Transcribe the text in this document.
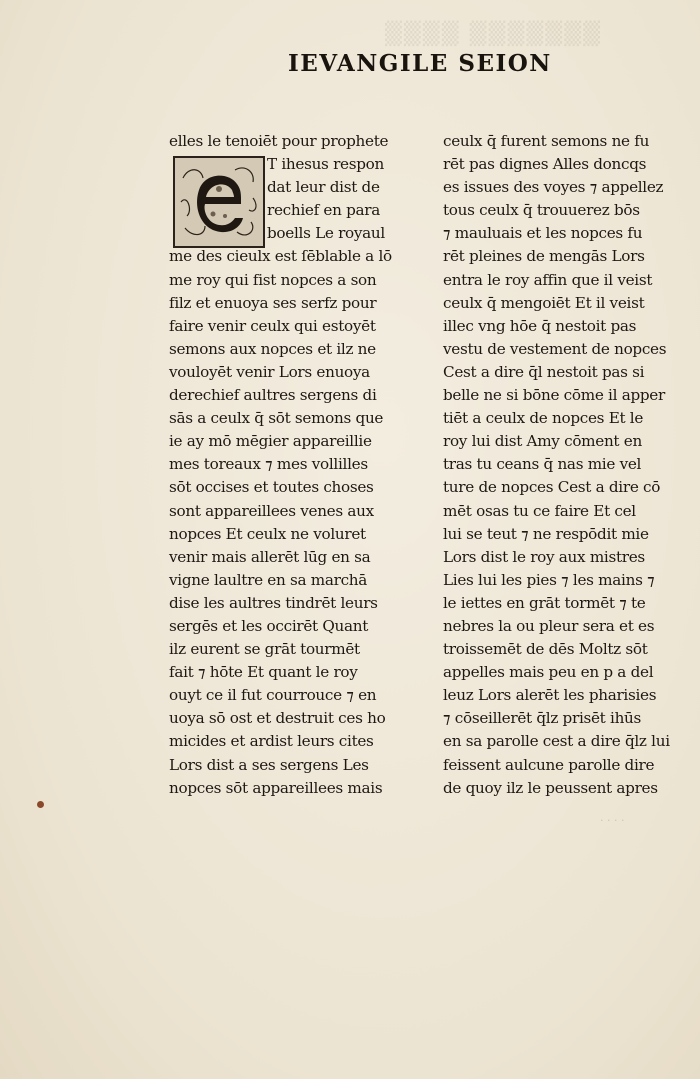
▒▒▒▒▒▒▒ ▒▒▒▒
IEVANGILE SEION
elles le tenoiēt pour prophete
T ihesus respon
dat leur dist de
rechief en para
boells Le royaul
me des cieulx est ſēblable a lō
me roy qui fist nopces a son
filz et enuoya ses serfz pour
faire venir ceulx qui estoyēt
semons aux nopces et ilz ne
vouloyēt venir Lors enuoya
derechief aultres sergens di
sās a ceulx q̄ sōt semons que
ie ay mō mēgier appareillie
mes toreaux ⁊ mes vollilles
sōt occises et toutes choses
sont appareillees venes aux
nopces Et ceulx ne voluret
venir mais allerēt lūg en sa
vigne laultre en sa marchā
dise les aultres tindrēt leurs
sergēs et les occirēt Quant
ilz eurent se grāt tourmēt
fait ⁊ hōte Et quant le roy
ouyt ce il fut courrouce ⁊ en
uoya sō ost et destruit ces ho
micides et ardist leurs cites
Lors dist a ses sergens Les
nopces sōt appareillees mais
ceulx q̄ furent semons ne fu
rēt pas dignes Alles doncqs
es issues des voyes ⁊ appellez
tous ceulx q̄ trouuerez bōs
⁊ mauluais et les nopces fu
rēt pleines de mengās Lors
entra le roy affin que il veist
ceulx q̄ mengoiēt Et il veist
illec vng hōe q̄ nestoit pas
vestu de vestement de nopces
Cest a dire q̄l nestoit pas si
belle ne si bōne cōme il apper
tiēt a ceulx de nopces Et le
roy lui dist Amy cōment en
tras tu ceans q̄ nas mie vel
ture de nopces Cest a dire cō
mēt osas tu ce faire Et cel
lui se teut ⁊ ne respōdit mie
Lors dist le roy aux mistres
Lies lui les pies ⁊ les mains ⁊
le iettes en grāt tormēt ⁊ te
nebres la ou pleur sera et es
troissemēt de dēs Moltz sōt
appelles mais peu en p a del
leuz Lors alerēt les pharisies
⁊ cōseillerēt q̄lz prisēt ihūs
en sa parolle cest a dire q̄lz lui
feissent aulcune parolle dire
de quoy ilz le peussent apres
· · · ·
